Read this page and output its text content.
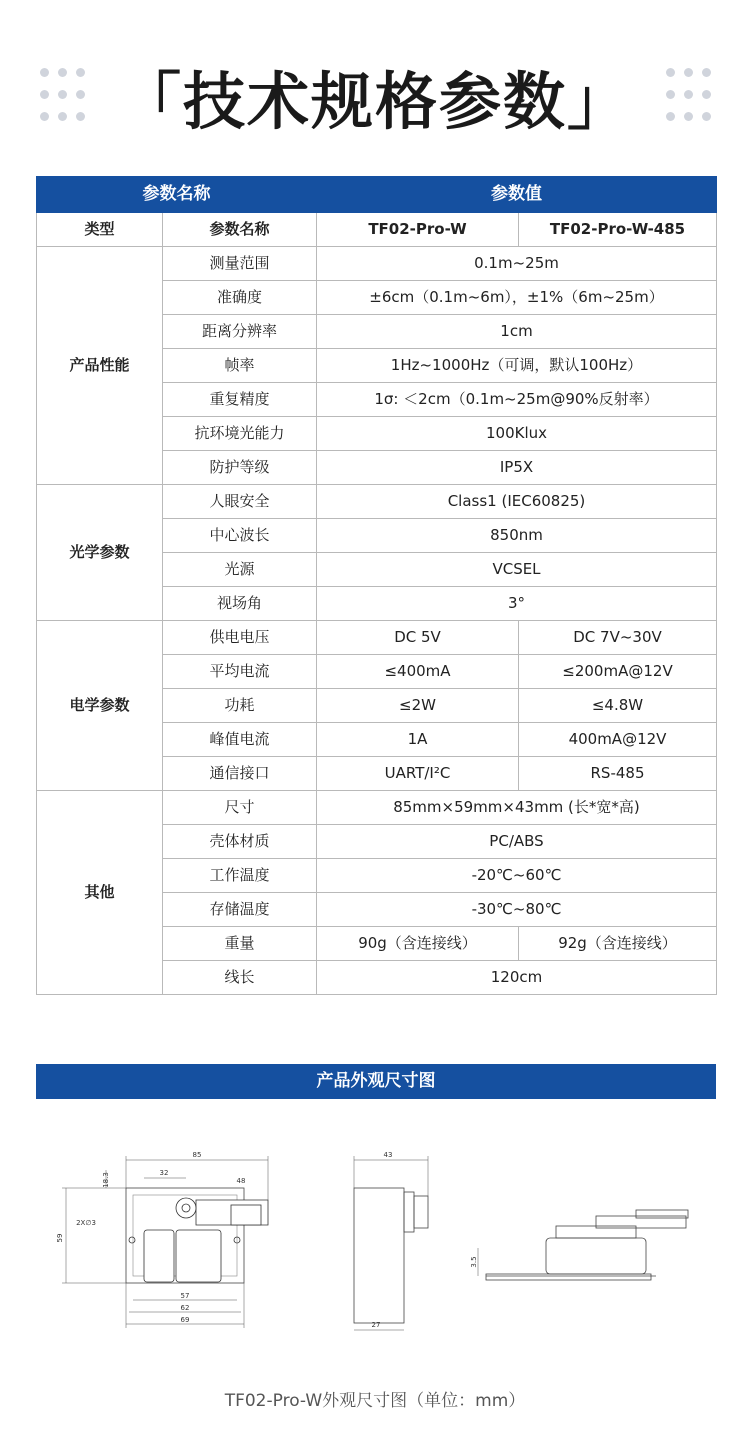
「技术规格参数」
参数名称		参数值	
类型	参数名称	TF02-Pro-W	TF02-Pro-W-485
产品性能	测量范围	0.1m~25m	
	准确度	±6cm（0.1m~6m），±1%（6m~25m）	
	距离分辨率	1cm	
	帧率	1Hz~1000Hz（可调，默认100Hz）	
	重复精度	1σ: ＜2cm（0.1m~25m@90%反射率）	
	抗环境光能力	100Klux	
	防护等级	IP5X	
光学参数	人眼安全	Class1 (IEC60825)	
	中心波长	850nm	
	光源	VCSEL	
	视场角	3°	
电学参数	供电电压	DC 5V	DC 7V~30V
	平均电流	≤400mA	≤200mA@12V
	功耗	≤2W	≤4.8W
	峰值电流	1A	400mA@12V
	通信接口	UART/I²C	RS-485
其他	尺寸	85mm×59mm×43mm (长*宽*高)	
	壳体材质	PC/ABS	
	工作温度	-20℃~60℃	
	存储温度	-30℃~80℃	
	重量	90g（含连接线）	92g（含连接线）
	线长	120cm	
产品外观尺寸图
85
32
48
18.3
2X∅3
59
57
62
69
43
27
3.5
TF02-Pro-W外观尺寸图（单位：mm）
